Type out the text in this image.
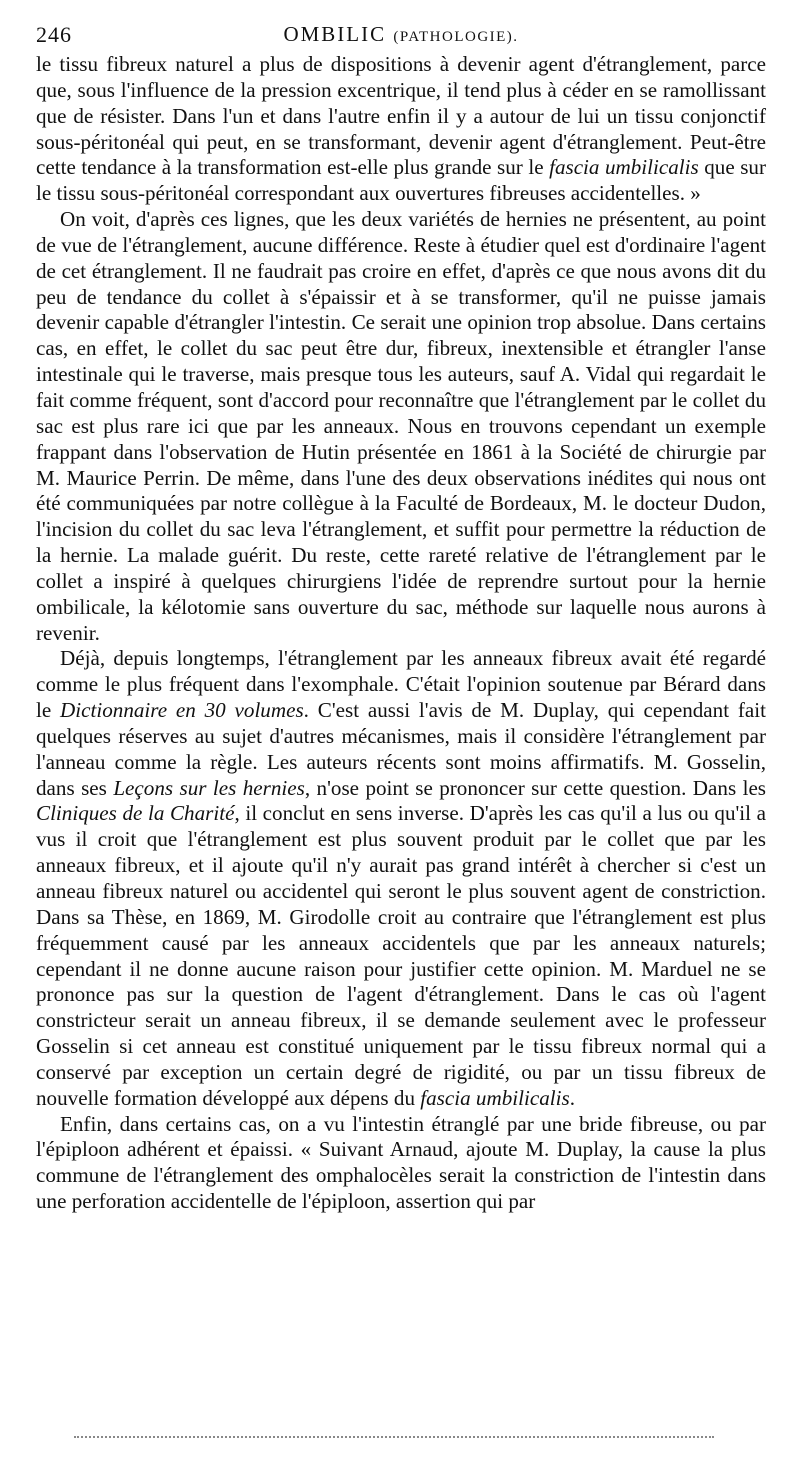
246	OMBILIC (PATHOLOGIE).

le tissu fibreux naturel a plus de dispositions à devenir agent d'étranglement, parce que, sous l'influence de la pression excentrique, il tend plus à céder en se ramollissant que de résister. Dans l'un et dans l'autre enfin il y a autour de lui un tissu conjonctif sous-péritonéal qui peut, en se transformant, devenir agent d'étranglement. Peut-être cette tendance à la transformation est-elle plus grande sur le fascia umbilicalis que sur le tissu sous-péritonéal correspondant aux ouvertures fibreuses accidentelles. »

On voit, d'après ces lignes, que les deux variétés de hernies ne présentent, au point de vue de l'étranglement, aucune différence. Reste à étudier quel est d'ordinaire l'agent de cet étranglement. Il ne faudrait pas croire en effet, d'après ce que nous avons dit du peu de tendance du collet à s'épaissir et à se transformer, qu'il ne puisse jamais devenir capable d'étrangler l'intestin. Ce serait une opinion trop absolue. Dans certains cas, en effet, le collet du sac peut être dur, fibreux, inextensible et étrangler l'anse intestinale qui le traverse, mais presque tous les auteurs, sauf A. Vidal qui regardait le fait comme fréquent, sont d'accord pour reconnaître que l'étranglement par le collet du sac est plus rare ici que par les anneaux. Nous en trouvons cependant un exemple frappant dans l'observation de Hutin présentée en 1861 à la Société de chirurgie par M. Maurice Perrin. De même, dans l'une des deux observations inédites qui nous ont été communiquées par notre collègue à la Faculté de Bordeaux, M. le docteur Dudon, l'incision du collet du sac leva l'étranglement, et suffit pour permettre la réduction de la hernie. La malade guérit. Du reste, cette rareté relative de l'étranglement par le collet a inspiré à quelques chirurgiens l'idée de reprendre surtout pour la hernie ombilicale, la kélotomie sans ouverture du sac, méthode sur laquelle nous aurons à revenir.

Déjà, depuis longtemps, l'étranglement par les anneaux fibreux avait été regardé comme le plus fréquent dans l'exomphale. C'était l'opinion soutenue par Bérard dans le Dictionnaire en 30 volumes. C'est aussi l'avis de M. Duplay, qui cependant fait quelques réserves au sujet d'autres mécanismes, mais il considère l'étranglement par l'anneau comme la règle. Les auteurs récents sont moins affirmatifs. M. Gosselin, dans ses Leçons sur les hernies, n'ose point se prononcer sur cette question. Dans les Cliniques de la Charité, il conclut en sens inverse. D'après les cas qu'il a lus ou qu'il a vus il croit que l'étranglement est plus souvent produit par le collet que par les anneaux fibreux, et il ajoute qu'il n'y aurait pas grand intérêt à chercher si c'est un anneau fibreux naturel ou accidentel qui seront le plus souvent agent de constriction. Dans sa Thèse, en 1869, M. Girodolle croit au contraire que l'étranglement est plus fréquemment causé par les anneaux accidentels que par les anneaux naturels; cependant il ne donne aucune raison pour justifier cette opinion. M. Marduel ne se prononce pas sur la question de l'agent d'étranglement. Dans le cas où l'agent constricteur serait un anneau fibreux, il se demande seulement avec le professeur Gosselin si cet anneau est constitué uniquement par le tissu fibreux normal qui a conservé par exception un certain degré de rigidité, ou par un tissu fibreux de nouvelle formation développé aux dépens du fascia umbilicalis.

Enfin, dans certains cas, on a vu l'intestin étranglé par une bride fibreuse, ou par l'épiploon adhérent et épaissi. « Suivant Arnaud, ajoute M. Duplay, la cause la plus commune de l'étranglement des omphalocèles serait la constriction de l'intestin dans une perforation accidentelle de l'épiploon, assertion qui par
